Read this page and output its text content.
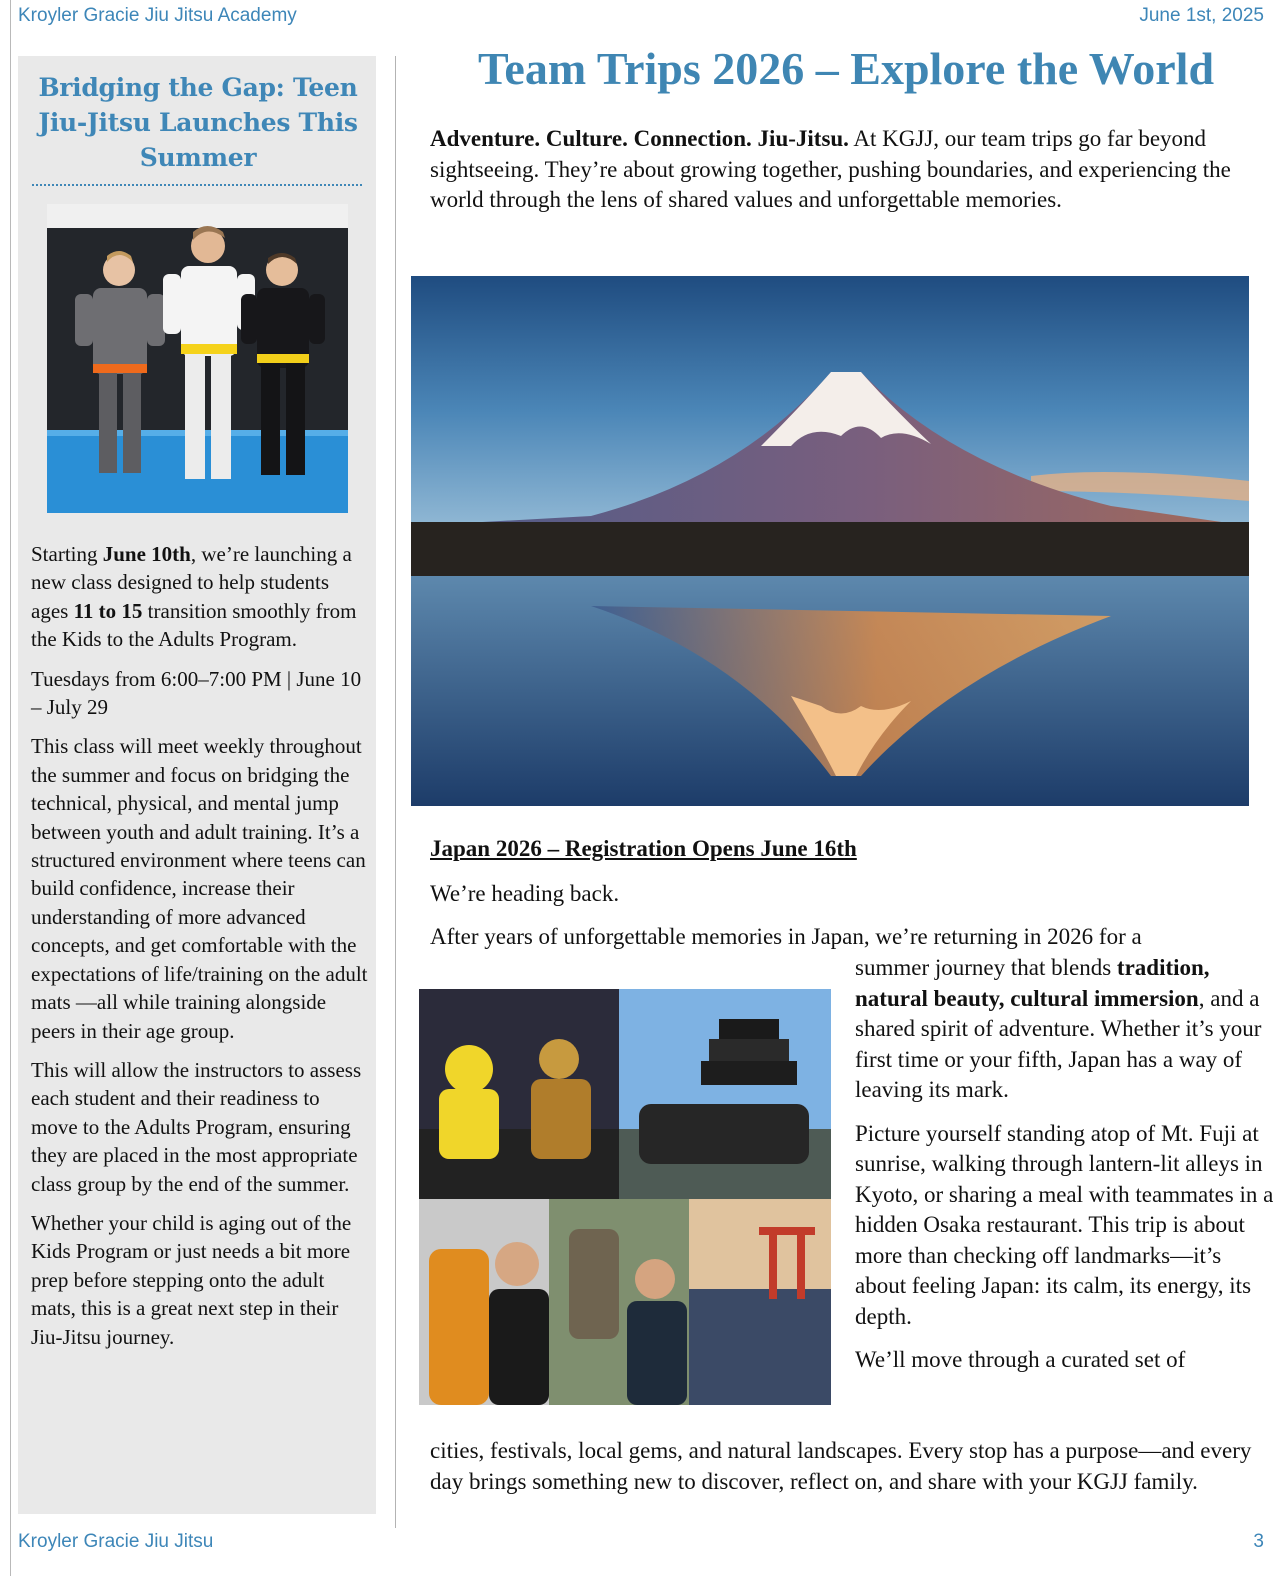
Kroyler Gracie Jiu Jitsu Academy	June 1st, 2025
Bridging the Gap: Teen Jiu-Jitsu Launches This Summer

Starting June 10th, we’re launching a new class designed to help students ages 11 to 15 transition smoothly from the Kids to the Adults Program.

Tuesdays from 6:00–7:00 PM | June 10 – July 29

This class will meet weekly throughout the summer and focus on bridging the technical, physical, and mental jump between youth and adult training. It’s a structured environment where teens can build confidence, increase their understanding of more advanced concepts, and get comfortable with the expectations of life/training on the adult mats —all while training alongside peers in their age group.

This will allow the instructors to assess each student and their readiness to move to the Adults Program, ensuring they are placed in the most appropriate class group by the end of the summer.

Whether your child is aging out of the Kids Program or just needs a bit more prep before stepping onto the adult mats, this is a great next step in their Jiu-Jitsu journey.

Team Trips 2026 – Explore the World
Adventure. Culture. Connection. Jiu-Jitsu. At KGJJ, our team trips go far beyond sightseeing. They’re about growing together, pushing boundaries, and experiencing the world through the lens of shared values and unforgettable memories.
Japan 2026 – Registration Opens June 16th
We’re heading back.
After years of unforgettable memories in Japan, we’re returning in 2026 for a

summer journey that blends tradition, natural beauty, cultural immersion, and a shared spirit of adventure. Whether it’s your first time or your fifth, Japan has a way of leaving its mark.

Picture yourself standing atop of Mt. Fuji at sunrise, walking through lantern-lit alleys in Kyoto, or sharing a meal with teammates in a hidden Osaka restaurant. This trip is about more than checking off landmarks—it’s about feeling Japan: its calm, its energy, its depth.

We’ll move through a curated set of

cities, festivals, local gems, and natural landscapes. Every stop has a purpose—and every day brings something new to discover, reflect on, and share with your KGJJ family.
Kroyler Gracie Jiu Jitsu	3
